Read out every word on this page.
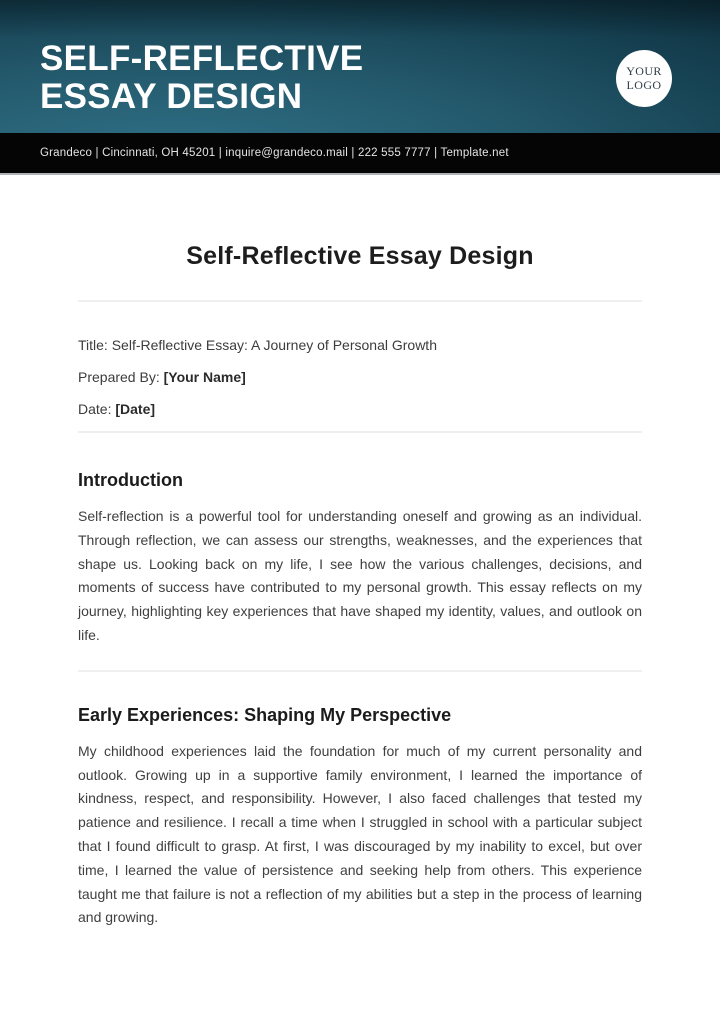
SELF-REFLECTIVE
ESSAY DESIGN
YOUR
LOGO
Grandeco | Cincinnati, OH 45201 | inquire@grandeco.mail | 222 555 7777 | Template.net
Self-Reflective Essay Design

Title: Self-Reflective Essay: A Journey of Personal Growth

Prepared By: [Your Name]

Date: [Date]

Introduction

Self-reflection is a powerful tool for understanding oneself and growing as an individual. Through reflection, we can assess our strengths, weaknesses, and the experiences that shape us. Looking back on my life, I see how the various challenges, decisions, and moments of success have contributed to my personal growth. This essay reflects on my journey, highlighting key experiences that have shaped my identity, values, and outlook on life.

Early Experiences: Shaping My Perspective

My childhood experiences laid the foundation for much of my current personality and outlook. Growing up in a supportive family environment, I learned the importance of kindness, respect, and responsibility. However, I also faced challenges that tested my patience and resilience. I recall a time when I struggled in school with a particular subject that I found difficult to grasp. At first, I was discouraged by my inability to excel, but over time, I learned the value of persistence and seeking help from others. This experience taught me that failure is not a reflection of my abilities but a step in the process of learning and growing.
